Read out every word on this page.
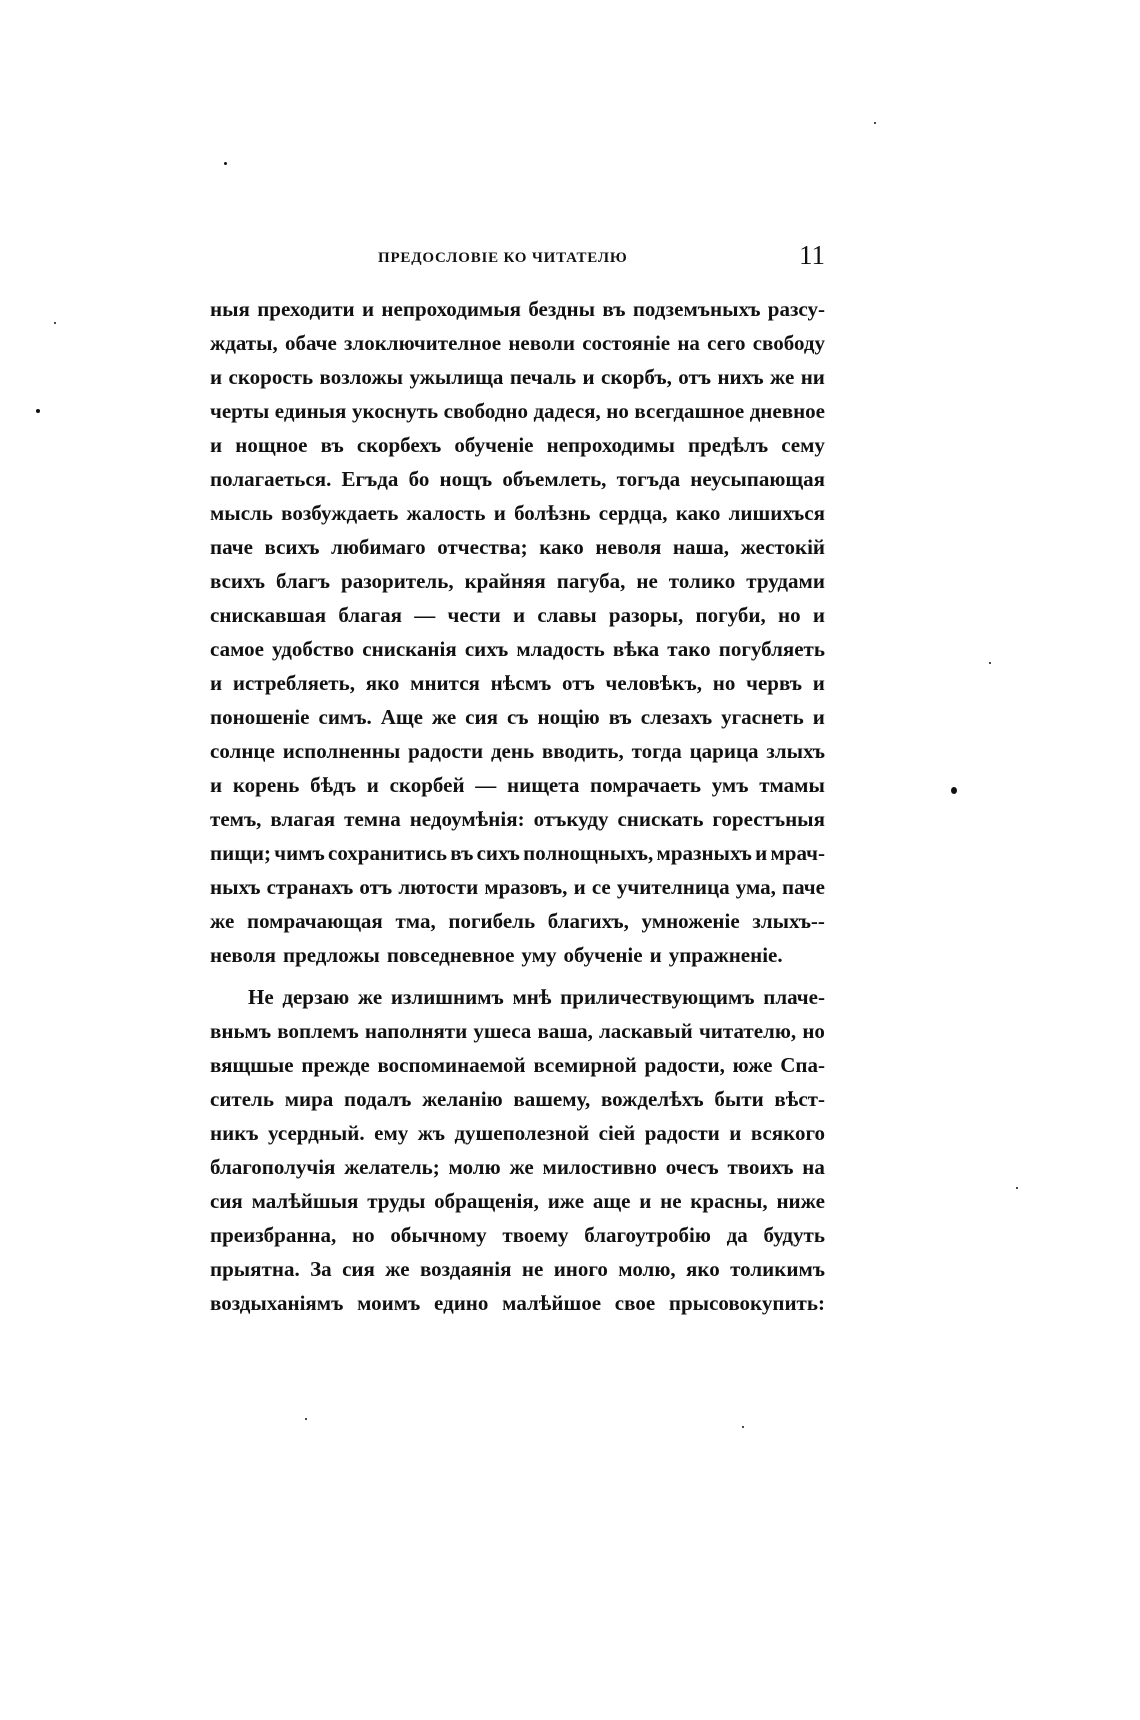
ПРЕДОСЛОВІЕ КО ЧИТАТЕЛЮ	11
ныя преходити и непроходимыя бездны въ подземъныхъ разсу-
ждаты, обаче злоключителное неволи состоянiе на сего свободу
и скорость возложы ужылища печаль и скорбъ, отъ нихъ же ни
черты единыя укоснуть свободно дадеся, но всегдашное дневное
и нощное въ скорбехъ обученiе непроходимы предѣлъ сему
полагаеться. Егъда бо нощъ объемлеть, тогъда неусыпающая
мысль возбуждаеть жалость и болѣзнь сердца, како лишихъся
паче всихъ любимаго отчества; како неволя наша, жестокiй
всихъ благъ разоритель, крайняя пагуба, не толико трудами
снискавшая благая — чести и славы разоры, погуби, но и
самое удобство снисканiя сихъ младость вѣка тако погубляеть
и истребляеть, яко мнится нѣсмъ отъ человѣкъ, но червъ и
поношенiе симъ. Аще же сия съ нощiю въ слезахъ угаснеть и
солнце исполненны радости день вводить, тогда царица злыхъ
и корень бѣдъ и скорбей — нищета помрачаеть умъ тмамы
темъ, влагая темна недоумѣнiя: отъкуду снискать горестъныя
пищи; чимъ сохранитись въ сихъ полнощныхъ, мразныхъ и мрач-
ныхъ странахъ отъ лютости мразовъ, и се учителница ума, паче
же помрачающая тма, погибель благихъ, умноженiе злыхъ--
неволя предложы повседневное уму обученiе и упражненiе.
Не дерзаю же излишнимъ мнѣ приличествующимъ плаче-
вньмъ воплемъ наполняти ушеса ваша, ласкавый читателю, но
вящшые прежде воспоминаемой всемирной радости, юже Спа-
ситель мира подалъ желанiю вашему, вожделѣхъ быти вѣст-
никъ усердный. ему жъ душеполезной сiей радости и всякого
благополучiя желатель; молю же милостивно очесъ твоихъ на
сия малѣйшыя труды обращенiя, иже аще и не красны, ниже
преизбранна, но обычному твоему благоутробiю да будуть
прыятна. За сия же воздаянiя не иного молю, яко толикимъ
воздыханiямъ моимъ едино малѣйшое свое прысовокупить:
